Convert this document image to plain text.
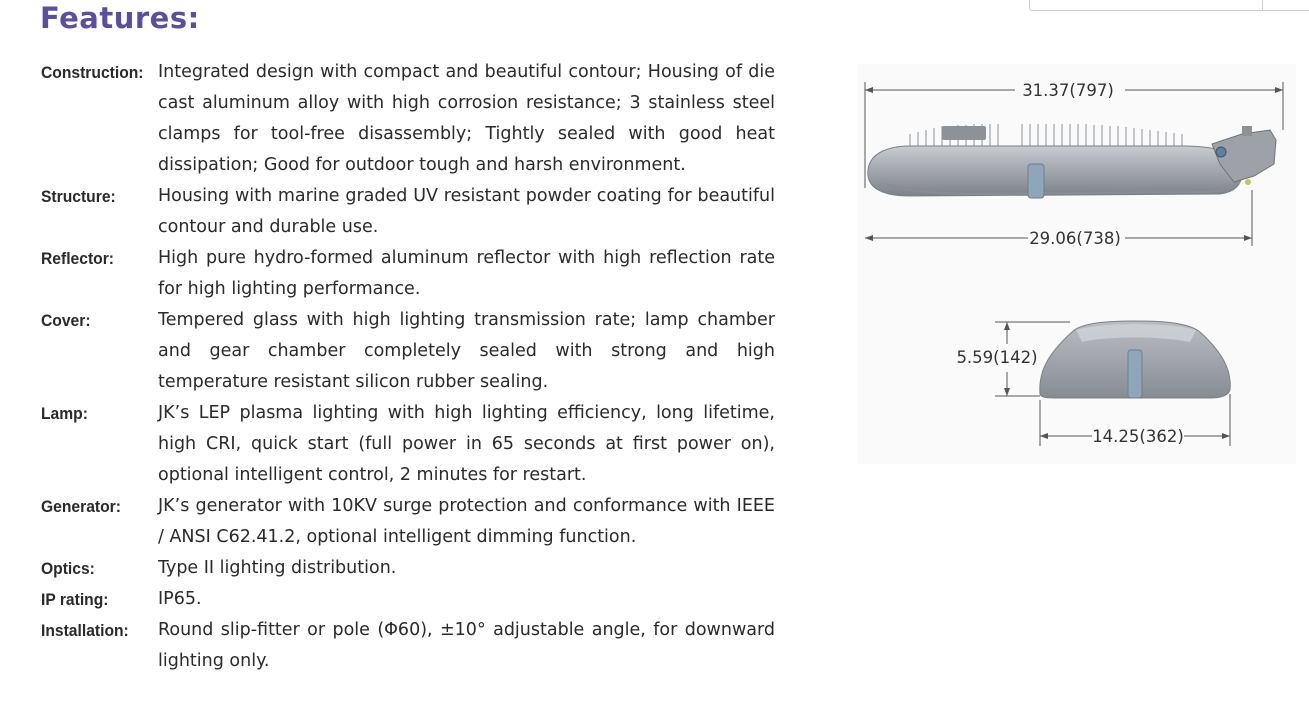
Features:
Construction: Integrated design with compact and beautiful contour; Housing of die cast aluminum alloy with high corrosion resistance; 3 stainless steel clamps for tool-free disassembly; Tightly sealed with good heat dissipation; Good for outdoor tough and harsh environment.
Structure:	Housing with marine graded UV resistant powder coating for beautiful contour and durable use.
Reflector:	High pure hydro-formed aluminum reflector with high reflection rate for high lighting performance.
Cover:	Tempered glass with high lighting transmission rate; lamp chamber and gear chamber completely sealed with strong and high temperature resistant silicon rubber sealing.
Lamp:	JK’s LEP plasma lighting with high lighting efficiency, long lifetime, high CRI, quick start (full power in 65 seconds at first power on), optional intelligent control, 2 minutes for restart.
Generator:	JK’s generator with 10KV surge protection and conformance with IEEE / ANSI C62.41.2, optional intelligent dimming function.
Optics:	Type II lighting distribution.
IP rating:	IP65.
Installation:	Round slip-fitter or pole (Φ60), ±10° adjustable angle, for downward lighting only.
31.37(797)
29.06(738)
5.59(142)
14.25(362)
